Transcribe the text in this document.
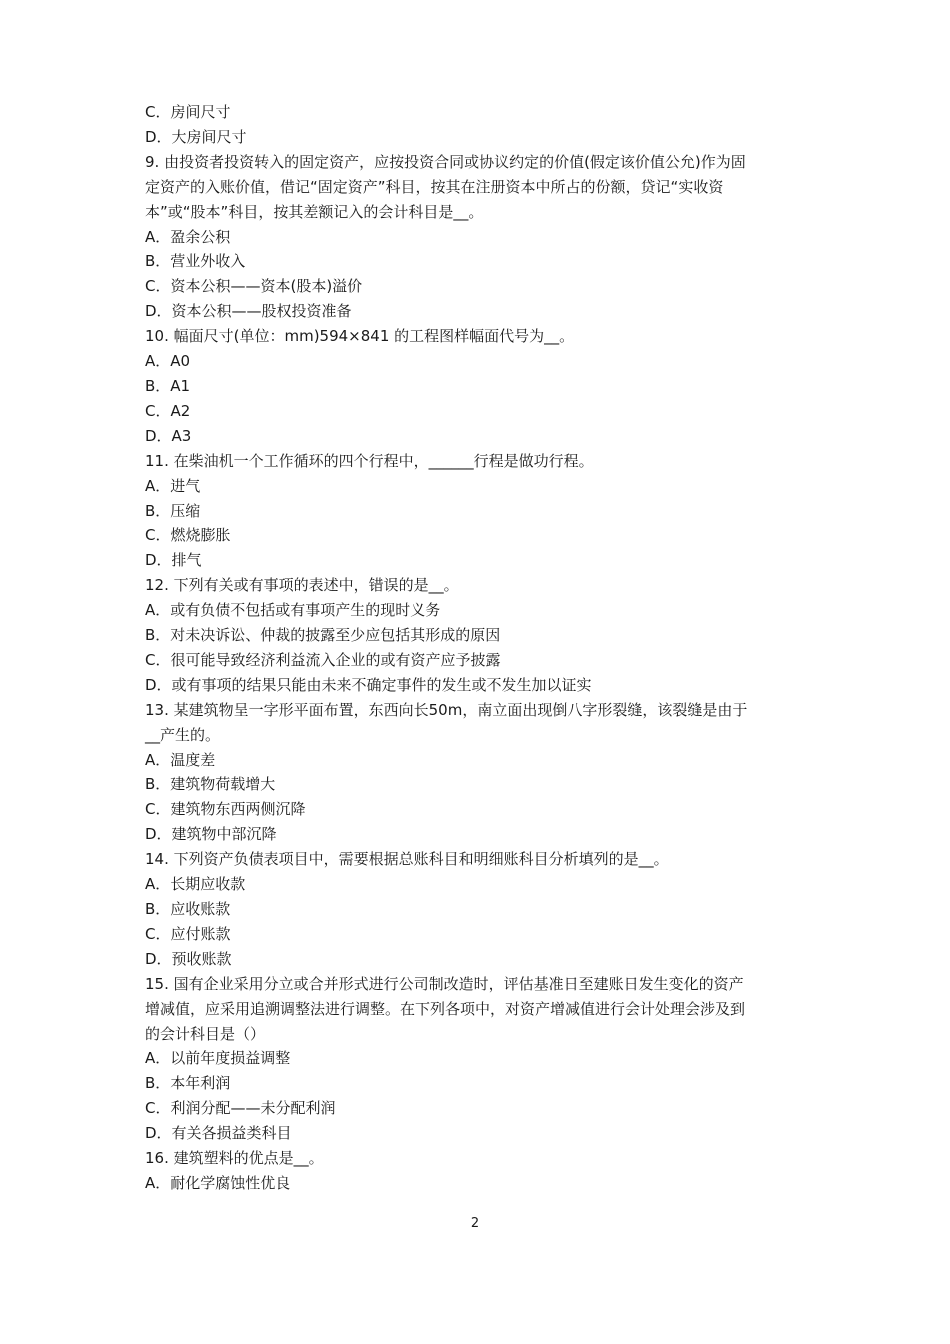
C．房间尺寸
D．大房间尺寸
9. 由投资者投资转入的固定资产，应按投资合同或协议约定的价值(假定该价值公允)作为固
定资产的入账价值，借记“固定资产”科目，按其在注册资本中所占的份额，贷记“实收资
本”或“股本”科目，按其差额记入的会计科目是__。
A．盈余公积
B．营业外收入
C．资本公积——资本(股本)溢价
D．资本公积——股权投资准备
10. 幅面尺寸(单位：mm)594×841 的工程图样幅面代号为__。
A．A0
B．A1
C．A2
D．A3
11. 在柴油机一个工作循环的四个行程中，______行程是做功行程。
A．进气
B．压缩
C．燃烧膨胀
D．排气
12. 下列有关或有事项的表述中，错误的是__。
A．或有负债不包括或有事项产生的现时义务
B．对未决诉讼、仲裁的披露至少应包括其形成的原因
C．很可能导致经济利益流入企业的或有资产应予披露
D．或有事项的结果只能由未来不确定事件的发生或不发生加以证实
13. 某建筑物呈一字形平面布置，东西向长50m，南立面出现倒八字形裂缝，该裂缝是由于
__产生的。
A．温度差
B．建筑物荷载增大
C．建筑物东西两侧沉降
D．建筑物中部沉降
14. 下列资产负债表项目中，需要根据总账科目和明细账科目分析填列的是__。
A．长期应收款
B．应收账款
C．应付账款
D．预收账款
15. 国有企业采用分立或合并形式进行公司制改造时，评估基准日至建账日发生变化的资产
增减值，应采用追溯调整法进行调整。在下列各项中，对资产增减值进行会计处理会涉及到
的会计科目是（）
A．以前年度损益调整
B．本年利润
C．利润分配——未分配利润
D．有关各损益类科目
16. 建筑塑料的优点是__。
A．耐化学腐蚀性优良
2
